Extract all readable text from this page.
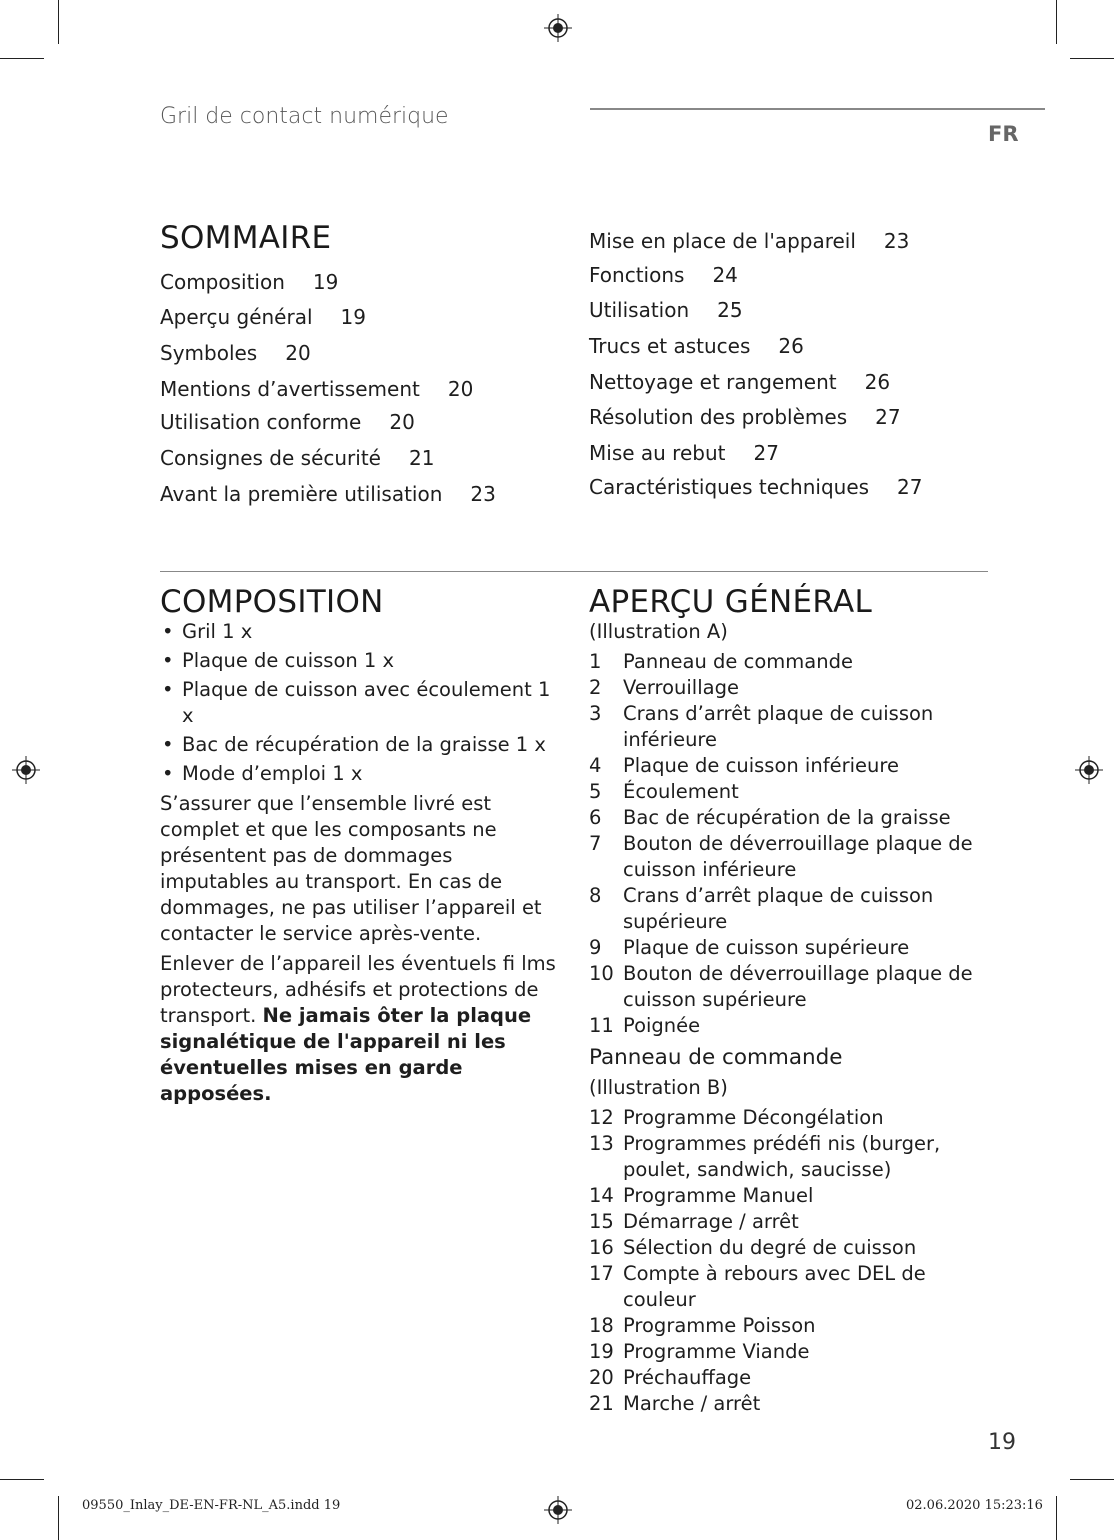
Gril de contact numérique
FR
SOMMAIRE
Composition 19
Aperçu général 19
Symboles 20
Mentions d’avertissement 20
Utilisation conforme 20
Consignes de sécurité 21
Avant la première utilisation 23
Mise en place de l'appareil 23
Fonctions 24
Utilisation 25
Trucs et astuces 26
Nettoyage et rangement 26
Résolution des problèmes 27
Mise au rebut 27
Caractéristiques techniques 27
COMPOSITION
• Gril 1 x
• Plaque de cuisson 1 x
• Plaque de cuisson avec écoulement 1 x
• Bac de récupération de la graisse 1 x
• Mode d’emploi 1 x

S’assurer que l’ensemble livré est complet et que les composants ne présentent pas de dommages imputables au transport. En cas de dommages, ne pas utiliser l’appareil et contacter le service après-vente.

Enlever de l’appareil les éventuels fi lms protecteurs, adhésifs et protections de transport. Ne jamais ôter la plaque signalétique de l'appareil ni les éventuelles mises en garde apposées.

APERÇU GÉNÉRAL
(Illustration A)
1 Panneau de commande
2 Verrouillage
3 Crans d’arrêt plaque de cuisson inférieure
4 Plaque de cuisson inférieure
5 Écoulement
6 Bac de récupération de la graisse
7 Bouton de déverrouillage plaque de cuisson inférieure
8 Crans d’arrêt plaque de cuisson supérieure
9 Plaque de cuisson supérieure
10 Bouton de déverrouillage plaque de cuisson supérieure
11 Poignée
Panneau de commande
(Illustration B)
12 Programme Décongélation
13 Programmes prédéfi nis (burger, poulet, sandwich, saucisse)
14 Programme Manuel
15 Démarrage / arrêt
16 Sélection du degré de cuisson
17 Compte à rebours avec DEL de couleur
18 Programme Poisson
19 Programme Viande
20 Préchauffage
21 Marche / arrêt
19
09550_Inlay_DE-EN-FR-NL_A5.indd 19	02.06.2020 15:23:16
